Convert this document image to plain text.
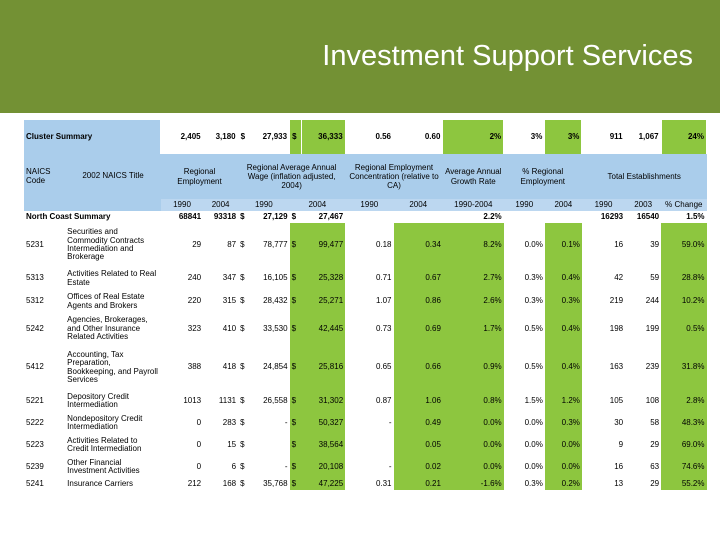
Investment Support Services
Cluster Summary		2,405	3,180	$	27,933	$	36,333	0.56	0.60	2%	3%	3%	911	1,067	24%
NAICS Code	2002 NAICS Title	Regional Employment		Regional Average Annual Wage (inflation adjusted, 2004)				Regional Employment Concentration (relative to CA)		Average Annual Growth Rate	% Regional Employment		Total Establishments		
		1990	2004	1990		2004		1990	2004	1990-2004	1990	2004	1990	2003	% Change
North Coast Summary		68841	93318	$	27,129	$	27,467			2.2%			16293	16540	1.5%
5231	Securities and Commodity Contracts Intermediation and Brokerage	29	87	$	78,777	$	99,477	0.18	0.34	8.2%	0.0%	0.1%	16	39	59.0%
5313	Activities Related to Real Estate	240	347	$	16,105	$	25,328	0.71	0.67	2.7%	0.3%	0.4%	42	59	28.8%
5312	Offices of Real Estate Agents and Brokers	220	315	$	28,432	$	25,271	1.07	0.86	2.6%	0.3%	0.3%	219	244	10.2%
5242	Agencies, Brokerages, and Other Insurance Related Activities	323	410	$	33,530	$	42,445	0.73	0.69	1.7%	0.5%	0.4%	198	199	0.5%
5412	Accounting, Tax Preparation, Bookkeeping, and Payroll Services	388	418	$	24,854	$	25,816	0.65	0.66	0.9%	0.5%	0.4%	163	239	31.8%
5221	Depository Credit Intermediation	1013	1131	$	26,558	$	31,302	0.87	1.06	0.8%	1.5%	1.2%	105	108	2.8%
5222	Nondepository Credit Intermediation	0	283	$	-	$	50,327	-	0.49	0.0%	0.0%	0.3%	30	58	48.3%
5223	Activities Related to Credit Intermediation	0	15	$		$	38,564		0.05	0.0%	0.0%	0.0%	9	29	69.0%
5239	Other Financial Investment Activities	0	6	$	-	$	20,108	-	0.02	0.0%	0.0%	0.0%	16	63	74.6%
5241	Insurance Carriers	212	168	$	35,768	$	47,225	0.31	0.21	-1.6%	0.3%	0.2%	13	29	55.2%
